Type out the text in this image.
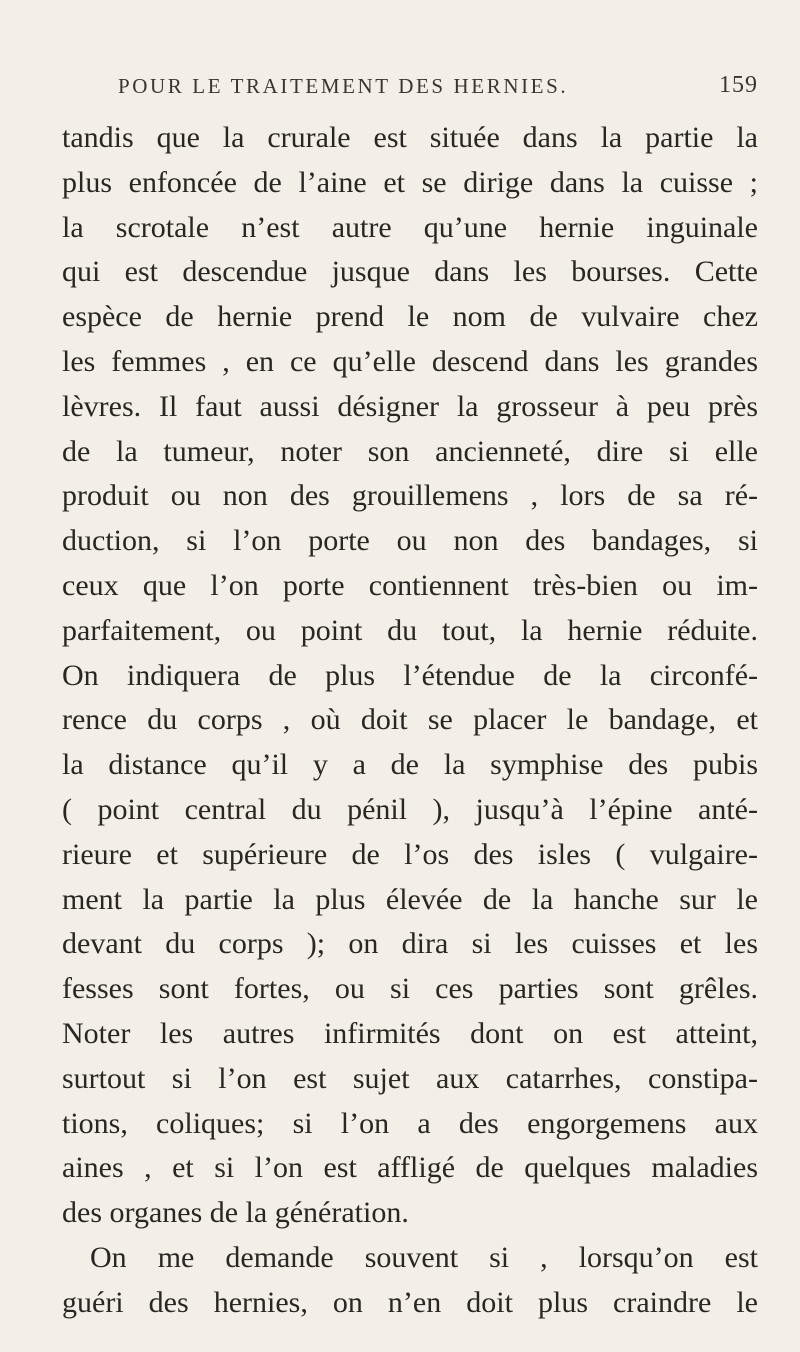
POUR LE TRAITEMENT DES HERNIES.	159
tandis que la crurale est située dans la partie la
plus enfoncée de l’aine et se dirige dans la cuisse ;
la scrotale n’est autre qu’une hernie inguinale
qui est descendue jusque dans les bourses. Cette
espèce de hernie prend le nom de vulvaire chez
les femmes , en ce qu’elle descend dans les grandes
lèvres. Il faut aussi désigner la grosseur à peu près
de la tumeur, noter son ancienneté, dire si elle
produit ou non des grouillemens , lors de sa ré-
duction, si l’on porte ou non des bandages, si
ceux que l’on porte contiennent très-bien ou im-
parfaitement, ou point du tout, la hernie réduite.
On indiquera de plus l’étendue de la circonfé-
rence du corps , où doit se placer le bandage, et
la distance qu’il y a de la symphise des pubis
( point central du pénil ), jusqu’à l’épine anté-
rieure et supérieure de l’os des isles ( vulgaire-
ment la partie la plus élevée de la hanche sur le
devant du corps ); on dira si les cuisses et les
fesses sont fortes, ou si ces parties sont grêles.
Noter les autres infirmités dont on est atteint,
surtout si l’on est sujet aux catarrhes, constipa-
tions, coliques; si l’on a des engorgemens aux
aines , et si l’on est affligé de quelques maladies
des organes de la génération.
On me demande souvent si , lorsqu’on est
guéri des hernies, on n’en doit plus craindre le
